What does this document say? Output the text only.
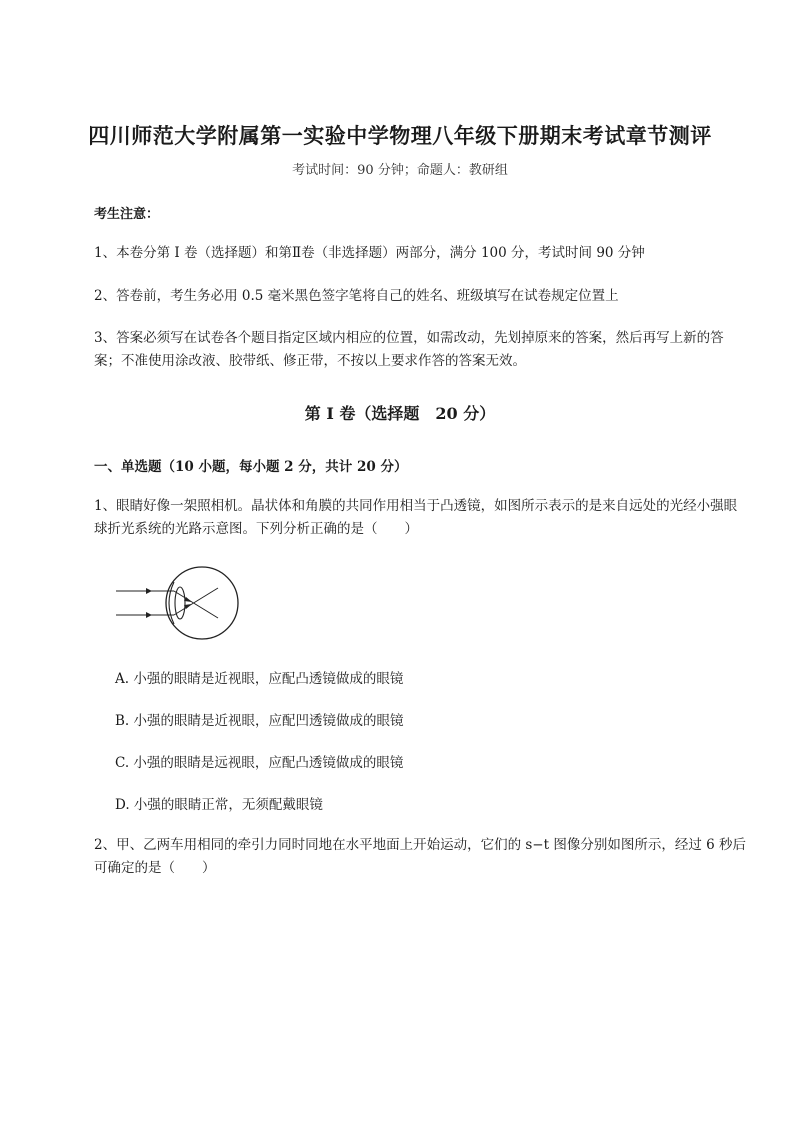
四川师范大学附属第一实验中学物理八年级下册期末考试章节测评
考试时间：90 分钟；命题人：教研组
考生注意：
1、本卷分第 I 卷（选择题）和第Ⅱ卷（非选择题）两部分，满分 100 分，考试时间 90 分钟
2、答卷前，考生务必用 0.5 毫米黑色签字笔将自己的姓名、班级填写在试卷规定位置上
3、答案必须写在试卷各个题目指定区域内相应的位置，如需改动，先划掉原来的答案，然后再写上新的答案；不准使用涂改液、胶带纸、修正带，不按以上要求作答的答案无效。
第 I 卷（选择题　20 分）
一、单选题（10 小题，每小题 2 分，共计 20 分）
1、眼睛好像一架照相机。晶状体和角膜的共同作用相当于凸透镜，如图所示表示的是来自远处的光经小强眼球折光系统的光路示意图。下列分析正确的是（　　）
A. 小强的眼睛是近视眼，应配凸透镜做成的眼镜
B. 小强的眼睛是近视眼，应配凹透镜做成的眼镜
C. 小强的眼睛是远视眼，应配凸透镜做成的眼镜
D. 小强的眼睛正常，无须配戴眼镜
2、甲、乙两车用相同的牵引力同时同地在水平地面上开始运动，它们的 s−t 图像分别如图所示，经过 6 秒后可确定的是（　　）
